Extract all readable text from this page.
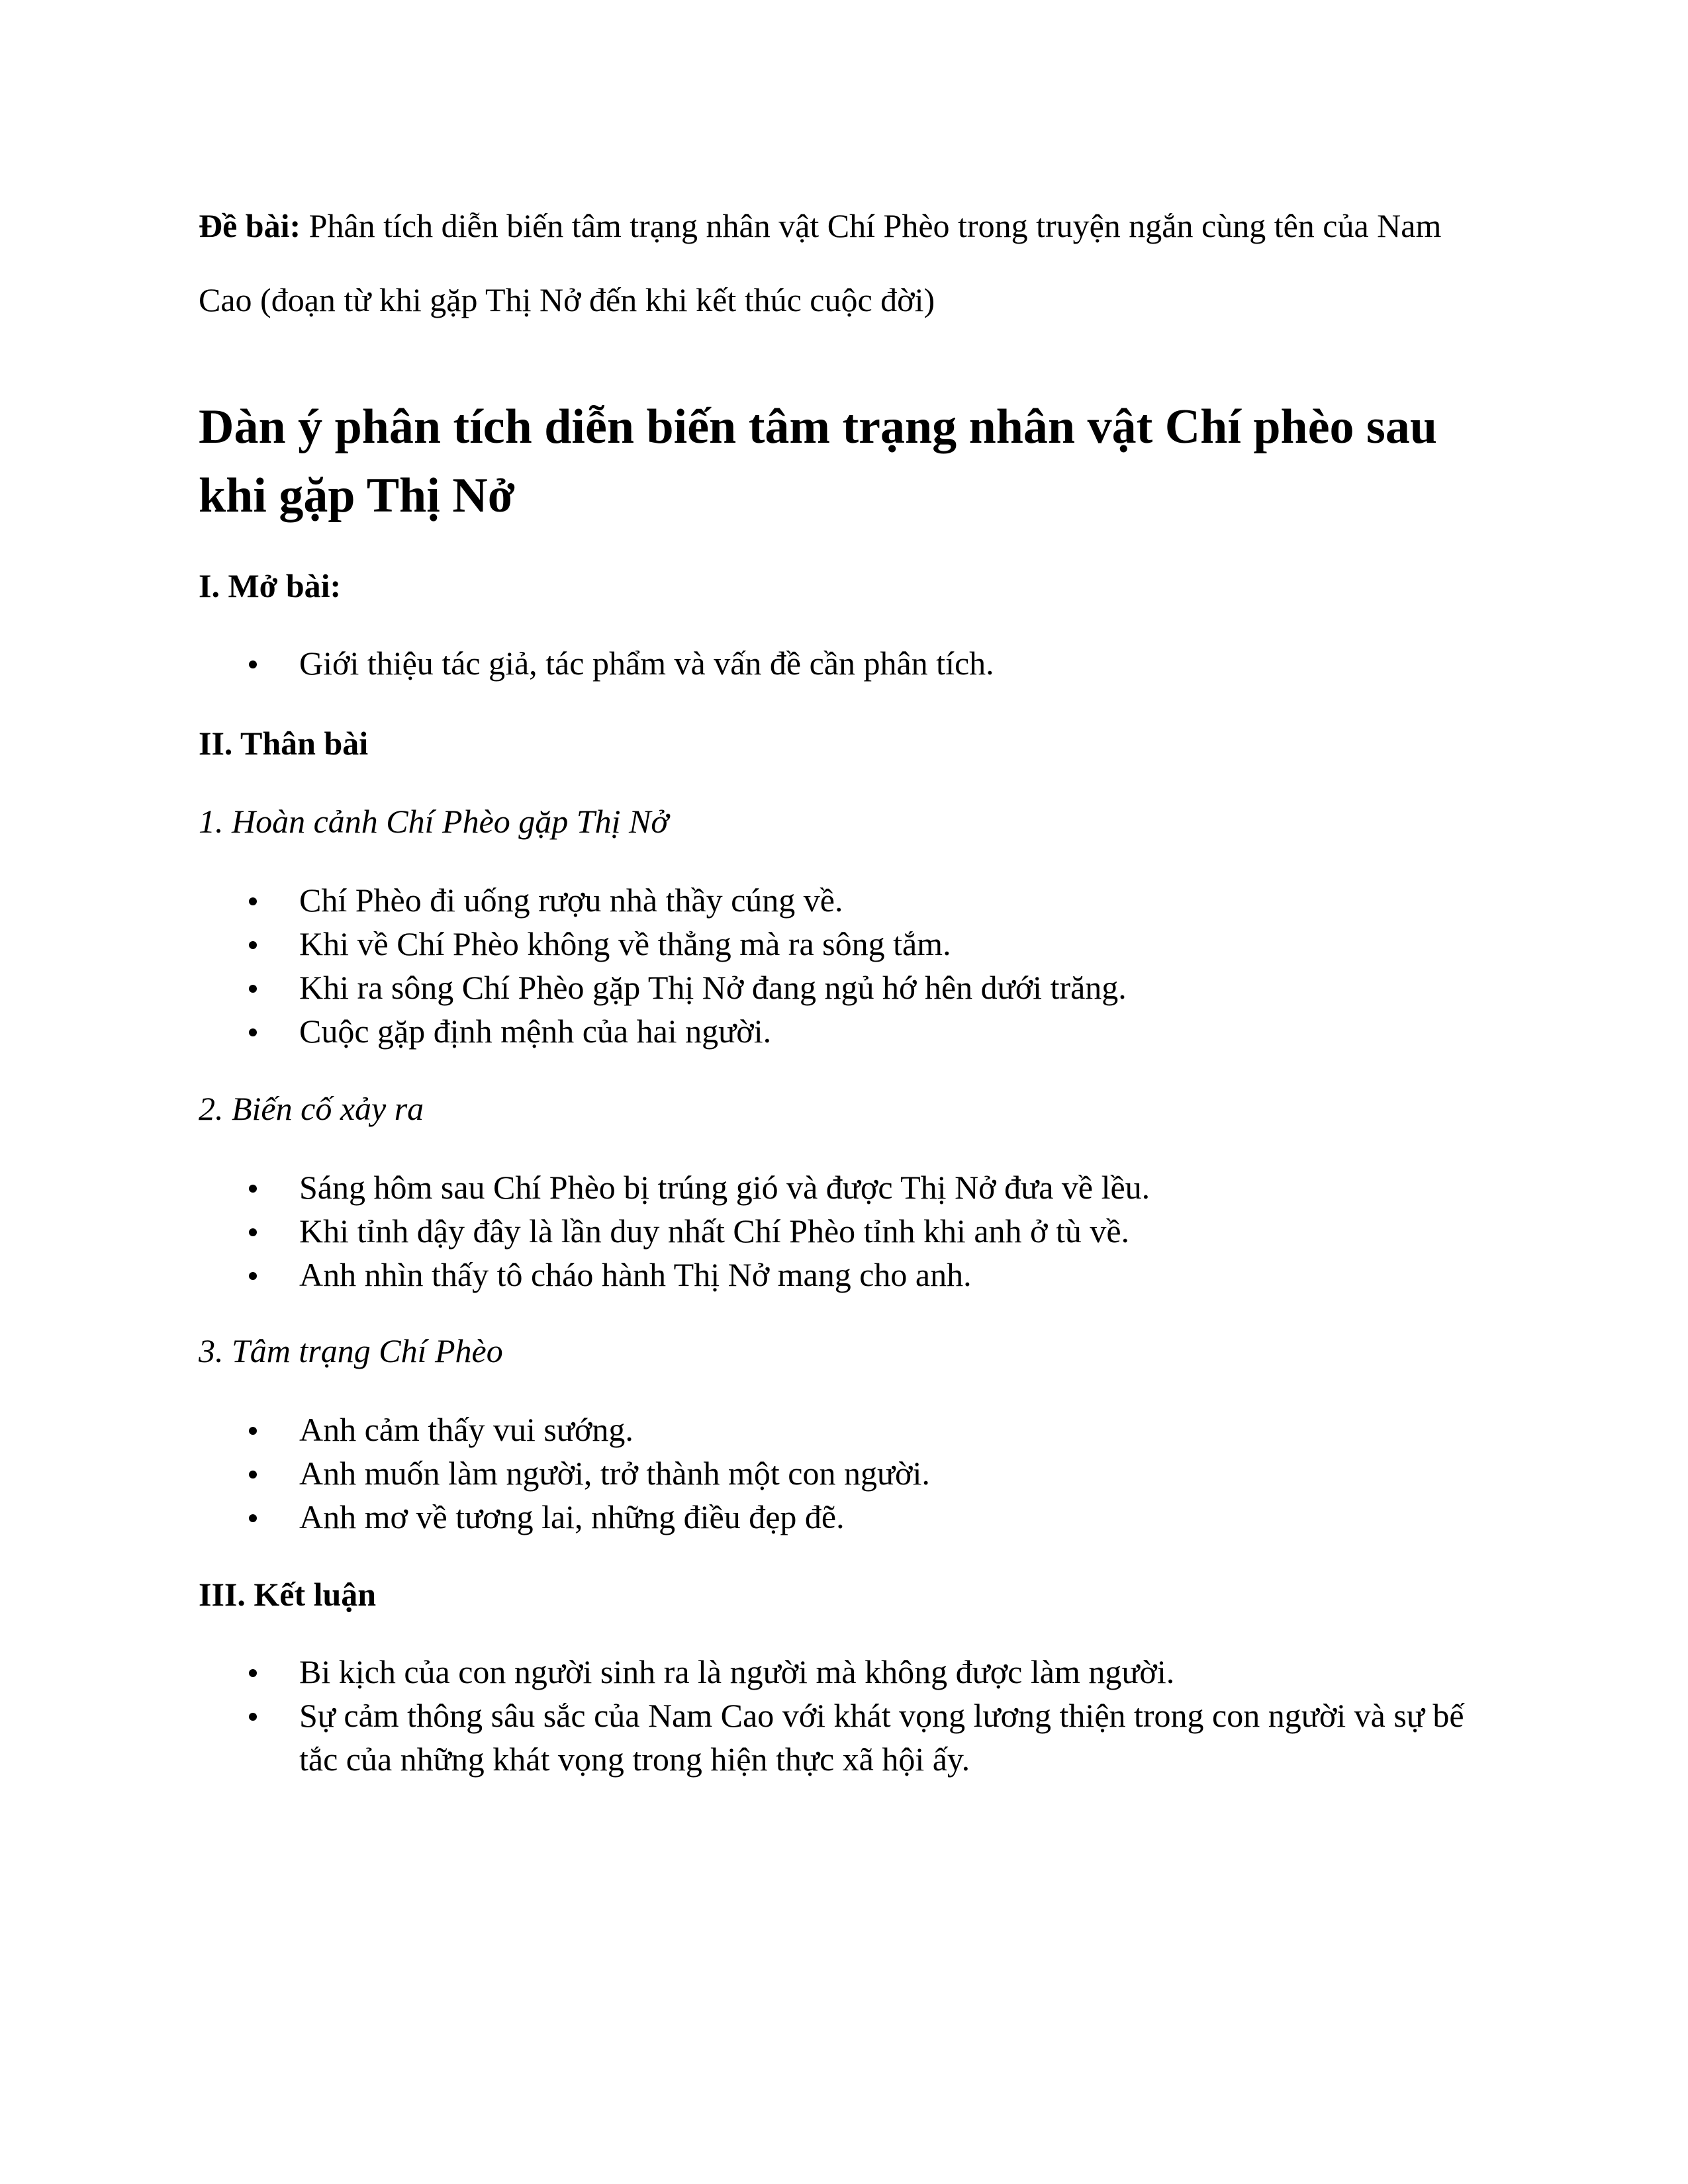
Đề bài: Phân tích diễn biến tâm trạng nhân vật Chí Phèo trong truyện ngắn cùng tên của Nam Cao (đoạn từ khi gặp Thị Nở đến khi kết thúc cuộc đời)

Dàn ý phân tích diễn biến tâm trạng nhân vật Chí phèo sau khi gặp Thị Nở

I. Mở bài:

Giới thiệu tác giả, tác phẩm và vấn đề cần phân tích.

II. Thân bài

1. Hoàn cảnh Chí Phèo gặp Thị Nở

Chí Phèo đi uống rượu nhà thầy cúng về.
Khi về Chí Phèo không về thẳng mà ra sông tắm.
Khi ra sông Chí Phèo gặp Thị Nở đang ngủ hớ hên dưới trăng.
Cuộc gặp định mệnh của hai người.

2. Biến cố xảy ra

Sáng hôm sau Chí Phèo bị trúng gió và được Thị Nở đưa về lều.
Khi tỉnh dậy đây là lần duy nhất Chí Phèo tỉnh khi anh ở tù về.
Anh nhìn thấy tô cháo hành Thị Nở mang cho anh.

3. Tâm trạng Chí Phèo

Anh cảm thấy vui sướng.
Anh muốn làm người, trở thành một con người.
Anh mơ về tương lai, những điều đẹp đẽ.

III. Kết luận

Bi kịch của con người sinh ra là người mà không được làm người.
Sự cảm thông sâu sắc của Nam Cao với khát vọng lương thiện trong con người và sự bế tắc của những khát vọng trong hiện thực xã hội ấy.
